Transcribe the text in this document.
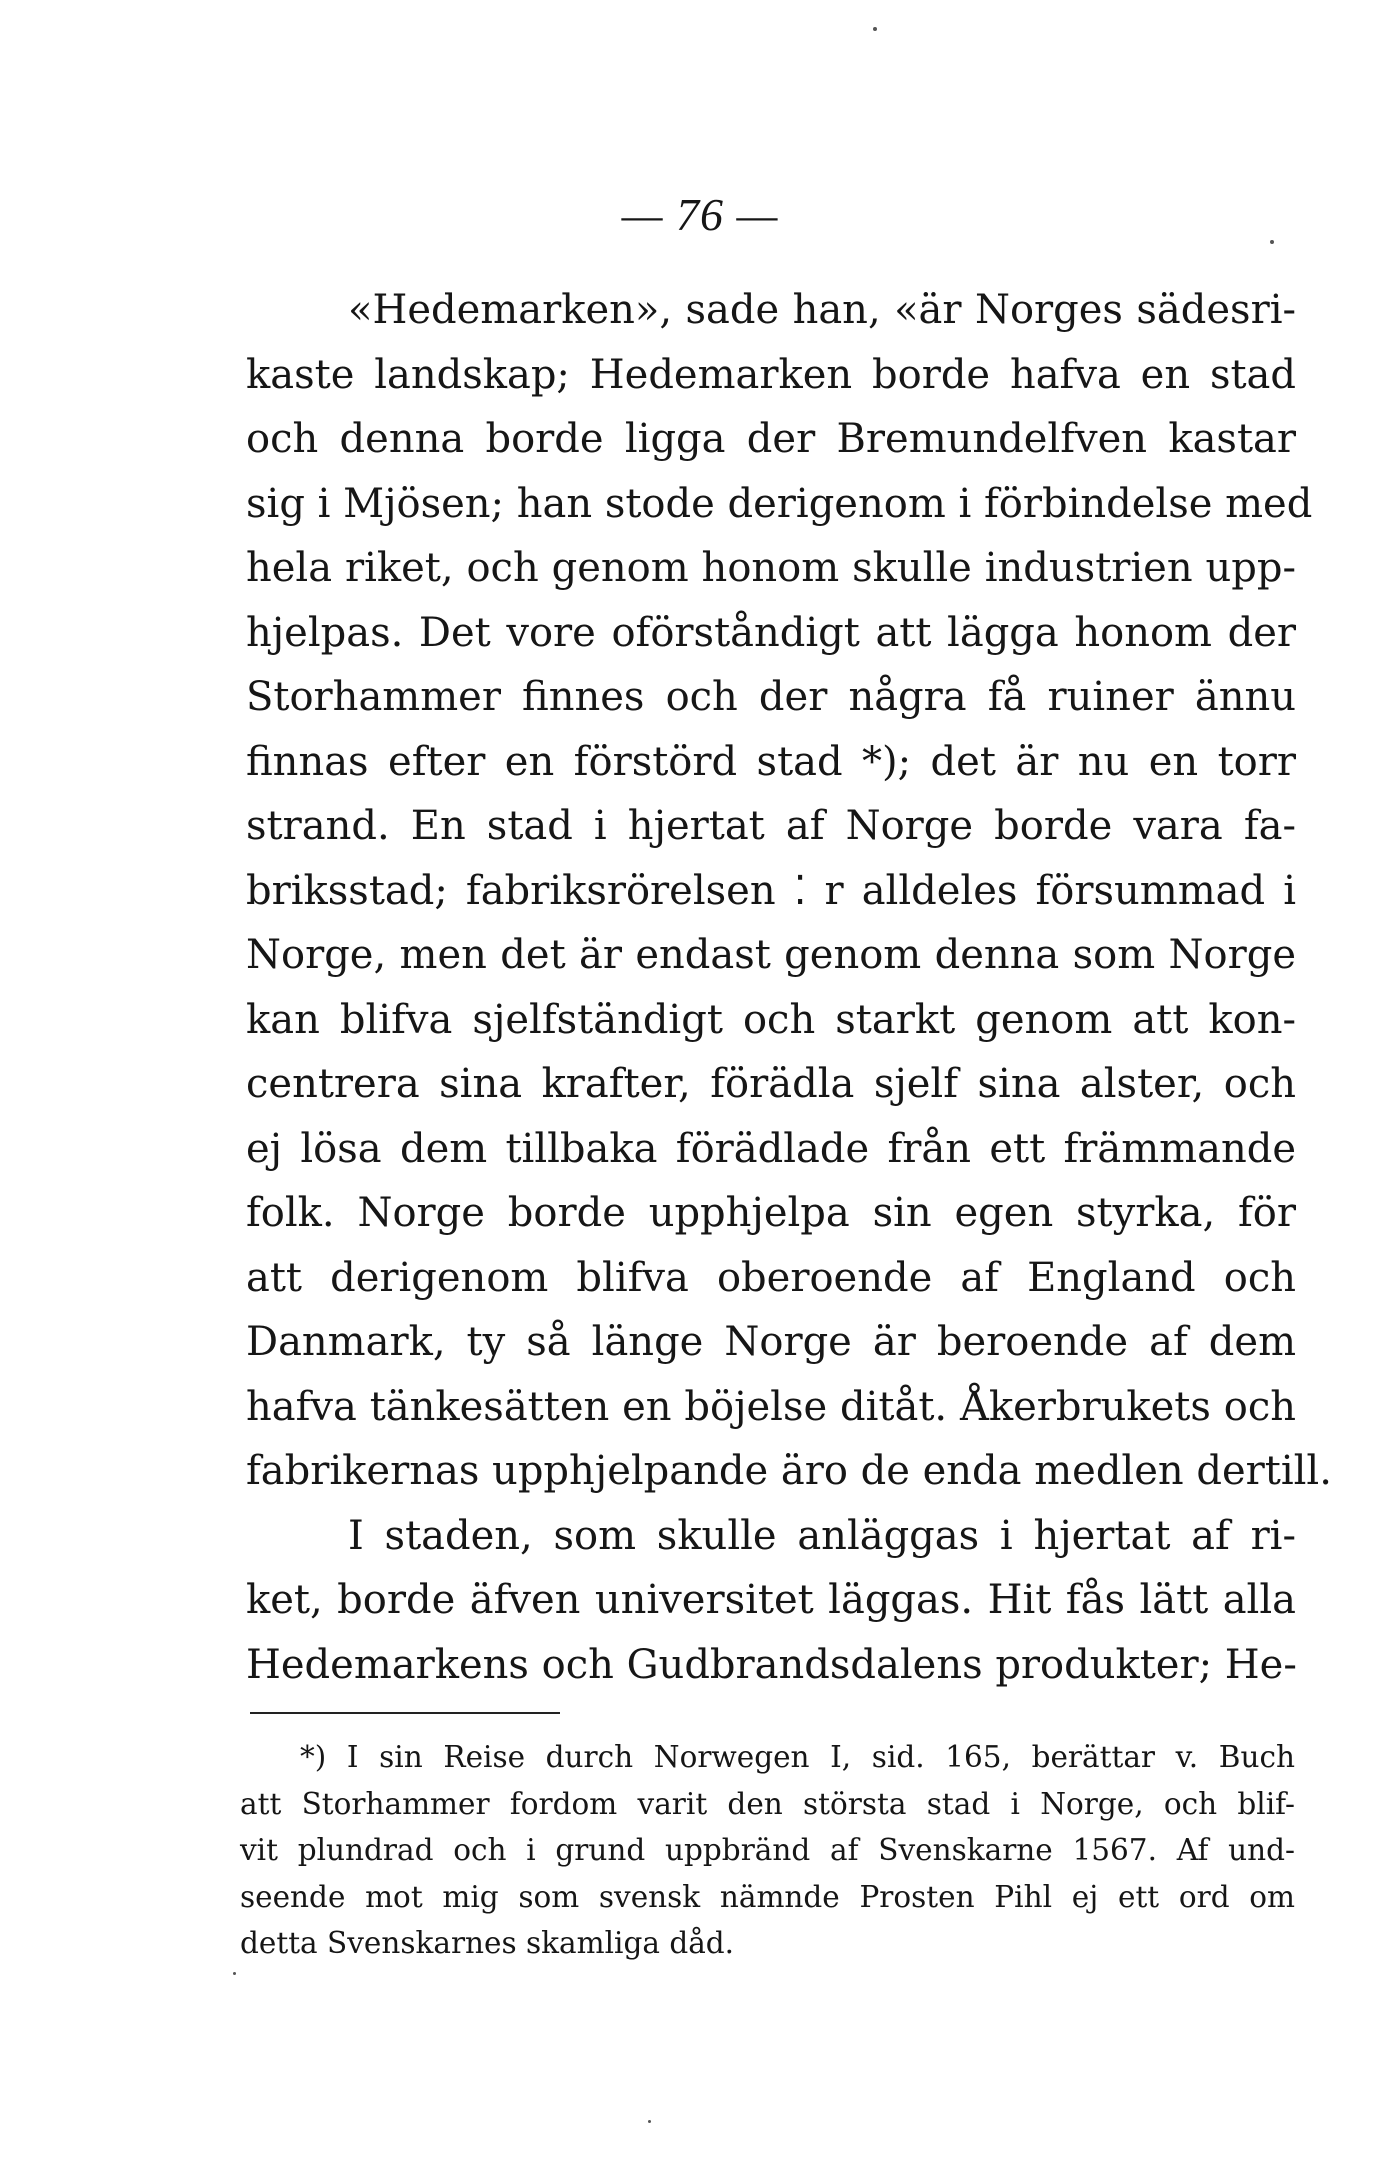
— 76 —
«Hedemarken», sade han, «är Norges sädesri-
kaste landskap; Hedemarken borde hafva en stad
och denna borde ligga der Bremundelfven kastar
sig i Mjösen; han stode derigenom i förbindelse med
hela riket, och genom honom skulle industrien upp-
hjelpas. Det vore oförståndigt att lägga honom der
Storhammer finnes och der några få ruiner ännu
finnas efter en förstörd stad *); det är nu en torr
strand. En stad i hjertat af Norge borde vara fa-
briksstad; fabriksrörelsen ⁚ r alldeles försummad i
Norge, men det är endast genom denna som Norge
kan blifva sjelfständigt och starkt genom att kon-
centrera sina krafter, förädla sjelf sina alster, och
ej lösa dem tillbaka förädlade från ett främmande
folk. Norge borde upphjelpa sin egen styrka, för
att derigenom blifva oberoende af England och
Danmark, ty så länge Norge är beroende af dem
hafva tänkesätten en böjelse ditåt. Åkerbrukets och
fabrikernas upphjelpande äro de enda medlen dertill.
I staden, som skulle anläggas i hjertat af ri-
ket, borde äfven universitet läggas. Hit fås lätt alla
Hedemarkens och Gudbrandsdalens produkter; He-
*) I sin Reise durch Norwegen I, sid. 165, berättar v. Buch
att Storhammer fordom varit den största stad i Norge, och blif-
vit plundrad och i grund uppbränd af Svenskarne 1567. Af und-
seende mot mig som svensk nämnde Prosten Pihl ej ett ord om
detta Svenskarnes skamliga dåd.
